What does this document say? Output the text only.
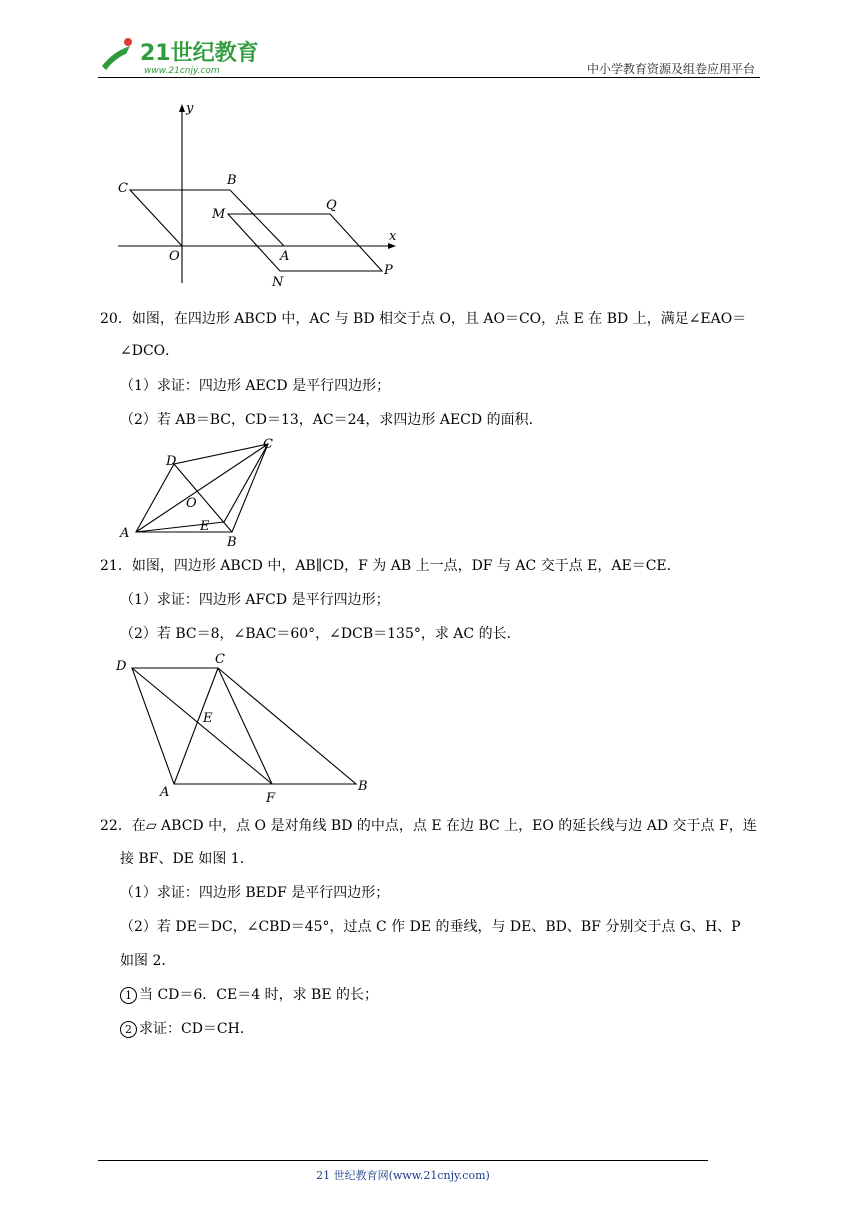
21世纪教育
www.21cnjy.com	中小学教育资源及组卷应用平台
y
x
C
B
M
Q
O	A
N
P
20．如图，在四边形 ABCD 中，AC 与 BD 相交于点 O，且 AO＝CO，点 E 在 BD 上，满足∠EAO＝
∠DCO．
（1）求证：四边形 AECD 是平行四边形；
（2）若 AB＝BC，CD＝13，AC＝24，求四边形 AECD 的面积．
D
C
O
E
A
B
21．如图，四边形 ABCD 中，AB∥CD，F 为 AB 上一点，DF 与 AC 交于点 E，AE＝CE．
（1）求证：四边形 AFCD 是平行四边形；
（2）若 BC＝8，∠BAC＝60°，∠DCB＝135°，求 AC 的长．
D	C
E
A	F
B
22．在▱ ABCD 中，点 O 是对角线 BD 的中点，点 E 在边 BC 上，EO 的延长线与边 AD 交于点 F，连
接 BF、DE 如图 1．
（1）求证：四边形 BEDF 是平行四边形；
（2）若 DE＝DC，∠CBD＝45°，过点 C 作 DE 的垂线，与 DE、BD、BF 分别交于点 G、H、P
如图 2．
1 当 CD＝6．CE＝4 时，求 BE 的长；
2 求证：CD＝CH．
21 世纪教育网(www.21cnjy.com)
